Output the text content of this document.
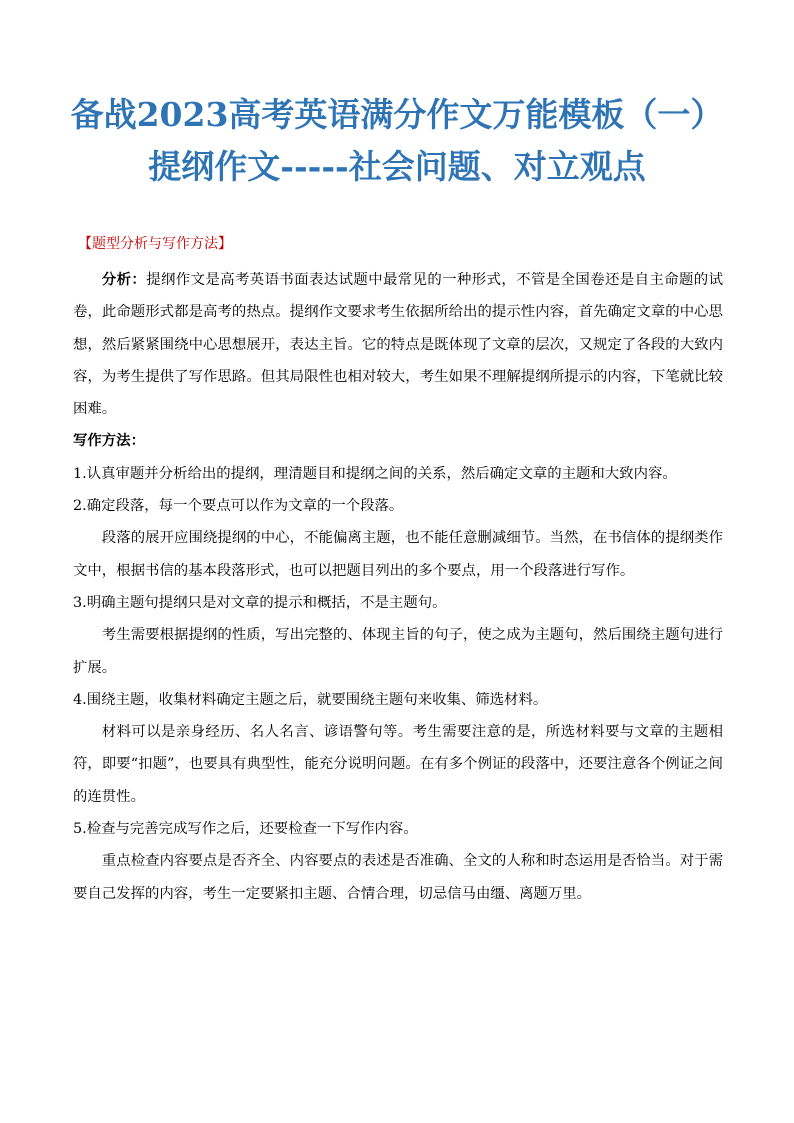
备战2023高考英语满分作文万能模板（一）
提纲作文-----社会问题、对立观点
【题型分析与写作方法】

分析：提纲作文是高考英语书面表达试题中最常见的一种形式，不管是全国卷还是自主命题的试卷，此命题形式都是高考的热点。提纲作文要求考生依据所给出的提示性内容，首先确定文章的中心思想，然后紧紧围绕中心思想展开，表达主旨。它的特点是既体现了文章的层次，又规定了各段的大致内容，为考生提供了写作思路。但其局限性也相对较大，考生如果不理解提纲所提示的内容，下笔就比较困难。

写作方法：

1.认真审题并分析给出的提纲，理清题目和提纲之间的关系，然后确定文章的主题和大致内容。

2.确定段落，每一个要点可以作为文章的一个段落。

段落的展开应围绕提纲的中心，不能偏离主题，也不能任意删减细节。当然，在书信体的提纲类作文中，根据书信的基本段落形式，也可以把题目列出的多个要点，用一个段落进行写作。

3.明确主题句提纲只是对文章的提示和概括，不是主题句。

考生需要根据提纲的性质，写出完整的、体现主旨的句子，使之成为主题句，然后围绕主题句进行扩展。

4.围绕主题，收集材料确定主题之后，就要围绕主题句来收集、筛选材料。

材料可以是亲身经历、名人名言、谚语警句等。考生需要注意的是，所选材料要与文章的主题相符，即要“扣题”，也要具有典型性，能充分说明问题。在有多个例证的段落中，还要注意各个例证之间的连贯性。

5.检查与完善完成写作之后，还要检查一下写作内容。

重点检查内容要点是否齐全、内容要点的表述是否准确、全文的人称和时态运用是否恰当。对于需要自己发挥的内容，考生一定要紧扣主题、合情合理，切忌信马由缰、离题万里。
